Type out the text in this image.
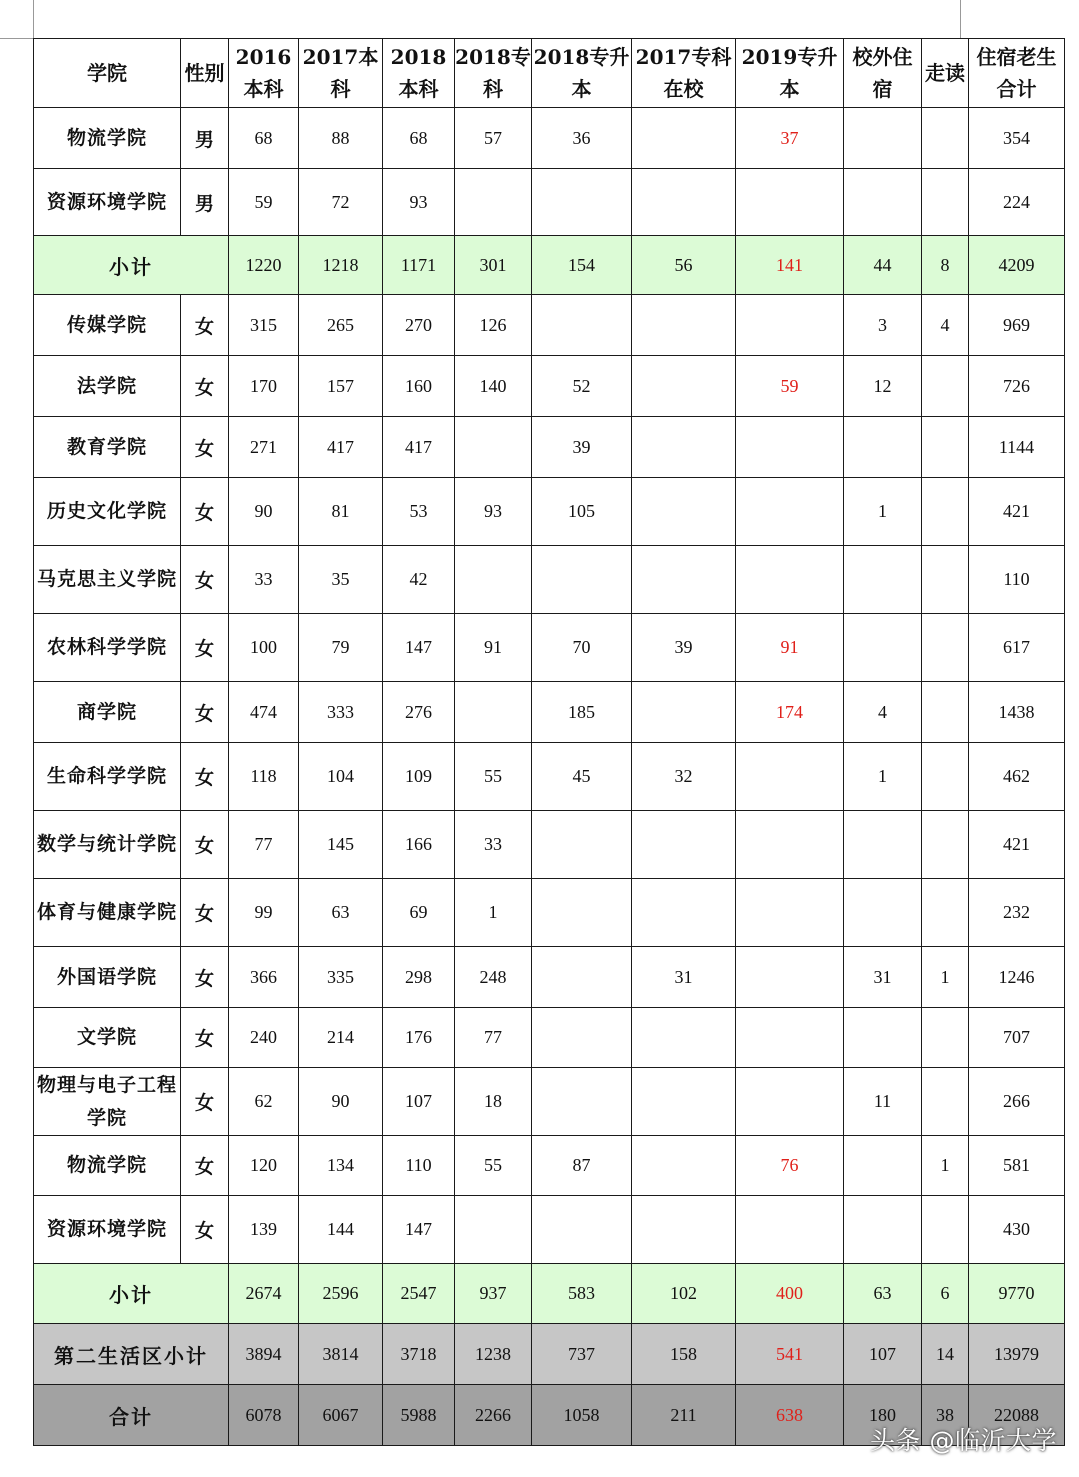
学院	性别	2016本科	2017本科	2018本科	2018专科	2018专升本	2017专科在校	2019专升本	校外住宿	走读	住宿老生合计
物流学院	男	68	88	68	57	36		37			354
资源环境学院	男	59	72	93							224
小计		1220	1218	1171	301	154	56	141	44	8	4209
传媒学院	女	315	265	270	126				3	4	969
法学院	女	170	157	160	140	52		59	12		726
教育学院	女	271	417	417		39					1144
历史文化学院	女	90	81	53	93	105			1		421
马克思主义学院	女	33	35	42							110
农林科学学院	女	100	79	147	91	70	39	91			617
商学院	女	474	333	276		185		174	4		1438
生命科学学院	女	118	104	109	55	45	32		1		462
数学与统计学院	女	77	145	166	33						421
体育与健康学院	女	99	63	69	1						232
外国语学院	女	366	335	298	248		31		31	1	1246
文学院	女	240	214	176	77						707
物理与电子工程学院	女	62	90	107	18				11		266
物流学院	女	120	134	110	55	87		76		1	581
资源环境学院	女	139	144	147							430
小计		2674	2596	2547	937	583	102	400	63	6	9770
第二生活区小计		3894	3814	3718	1238	737	158	541	107	14	13979
合计		6078	6067	5988	2266	1058	211	638	180	38	22088
头条 @临沂大学
